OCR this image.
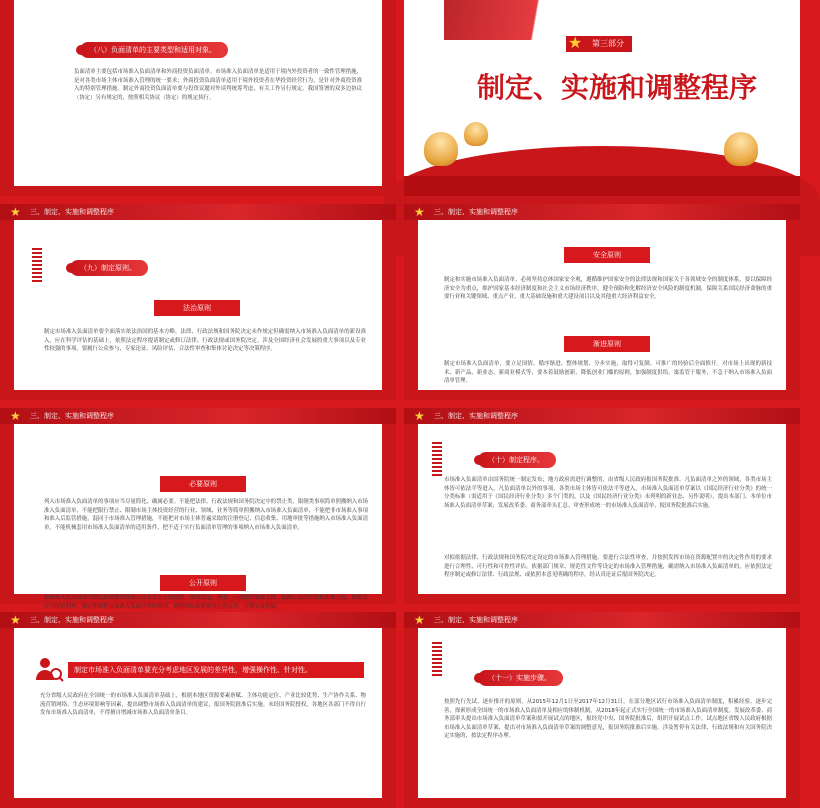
（八）负面清单的主要类型和适用对象。
负面清单主要包括市场准入负面清单和外商投资负面清单。市场准入负面清单是适用于境内外投资者的一致性管理措施，是对各类市场主体市场准入管理的统一要求；外商投资负面清单适用于境外投资者在华投资经营行为，是针对外商投资准入的特别管理措施。制定外商投资负面清单要与投资议题对外谈判统筹考虑，有关工作另行规定。我国签署的双多边协议（协定）另有规定的，按照相关协议（协定）的规定执行。
第三部分
★
制定、实施和调整程序
★ 三、制定、实施和调整程序
（九）制定原则。
法治原则
制定市场准入负面清单要全面落实依法治国的基本方略。法律、行政法规和国务院决定未作规定但确需纳入市场准入负面清单的新设准入，应在科学评估的基础上，依照法定程序提请制定或修订法律、行政法规或国务院决定。涉及全国经济社会发展的重大事项以及专业性较强的事项，要履行公众参与、专家论证、风险评估、合法性审查和集体讨论决定等决策程序。
★ 三、制定、实施和调整程序
安全原则
制定和实施市场准入负面清单，必须坚持总体国家安全观，遵循维护国家安全的法律法规和国家关于各领域安全的制度体系，要以保障经济安全为重点，维护国家基本经济制度和社会主义市场经济秩序，健全预防和化解经济安全风险的制度机制，保障关系国民经济命脉的重要行业和关键领域、重点产业、重大基础设施和重大建设项目以及其他重大经济利益安全。
渐进原则
制定市场准入负面清单，要立足国情、循序渐进、整体规划、分步实施，取得可复制、可推广的经验后全面推开。对市场上出现的新技术、新产品、新业态、新商业模式等，要本着鼓励创新、降低创业门槛的原则，加强制度供给，寓监管于服务，不急于纳入市场准入负面清单管理。
★ 三、制定、实施和调整程序
必要原则
列入市场准入负面清单的事项应当尽量简化、确属必要。不能把法律、行政法规和国务院决定中的禁止类、限制类事项简单照搬纳入市场准入负面清单，不能把限行禁止、限制市场主体投资经营的行业、领域、业务等简单照搬纳入市场准入负面清单，不能把非市场准入事项和准入后监管措施，混同于市场准入管理措施，不能把对市场主体普遍采取的注册登记、信息收集、用地审批等措施纳入市场准入负面清单。不能机械套用市场准入负面清单的适用条件，把不适于实行负面清单管理的事项纳入市场准入负面清单。
公开原则
市场准入负面清单的制定和调整要体现公开公平公正的原则，形成稳定、透明、可预期的制度安排，保障公众的知情权和参与权。除依法应当保密的外，制定和调整市场准入负面清单的事项、依据和结果都要向社会公开，方便公众查阅。
★ 三、制定、实施和调整程序
（十）制定程序。
市场准入负面清单由国务院统一制定发布；地方政府需进行调整的，由省级人民政府报国务院批准。凡负面清单之外的领域，各类市场主体皆可依法平等进入。凡负面清单以外的事项，各类市场主体皆可依法平等进入。市场准入负面清单草案以《国民经济行业分类》的统一分类标准（需适用于《国民经济行业分类》多个门类的，以及《国民经济行业分类》未列明的新业态、另作说明），提出本部门、本单位市场准入负面清单草案；发展改革委、商务部牵头汇总、审查形成统一的市场准入负面清单，报国务院批准后实施。
对拟依据法律、行政法规和国务院决定设定的市场准入管理措施，要进行合法性审查，并按照发挥市场在资源配置中的决定性作用的要求进行合理性、可行性和可控性评估。依据部门规章、规范性文件等设定的市场准入管理措施，确需纳入市场准入负面清单的，应依照法定程序制定或修订法律、行政法规、或依照本意见明确的程序，经认真论证后报国务院决定。
★ 三、制定、实施和调整程序
制定市场准入负面清单要充分考虑地区发展的差异性，增强操作性、针对性。
充分省级人民政府在全国统一的市场准入负面清单基础上，根据本地区资源要素禀赋、主体功能定位、产业比较优势、生产协作关系、物流营销网络、生态环境影响等因素，提出调整市场准入负面清单的建议，报国务院批准后实施。未经国务院授权，各地区各部门不得自行发布市场准入负面清单，不得擅自增减市场准入负面清单条目。
★ 三、制定、实施和调整程序
（十一）实施步骤。
按照先行先试、逐步推开的原则，从2015年12月1日至2017年12月31日，在部分地区试行市场准入负面清单制度，积累经验、逐步完善，探索形成全国统一的市场准入负面清单及相应的体制机制，从2018年起正式实行全国统一的市场准入负面清单制度。发展改革委、商务部牵头提出市场准入负面清单草案和拟开展试点的地区，报经党中央、国务院批准后，组织开展试点工作。试点地区省级人民政府根据市场准入负面清单草案，提出对市场准入负面清单草案的调整意见，报国务院批准后实施。涉及暂停有关法律、行政法规和有关国务院决定实施的，按法定程序办理。
